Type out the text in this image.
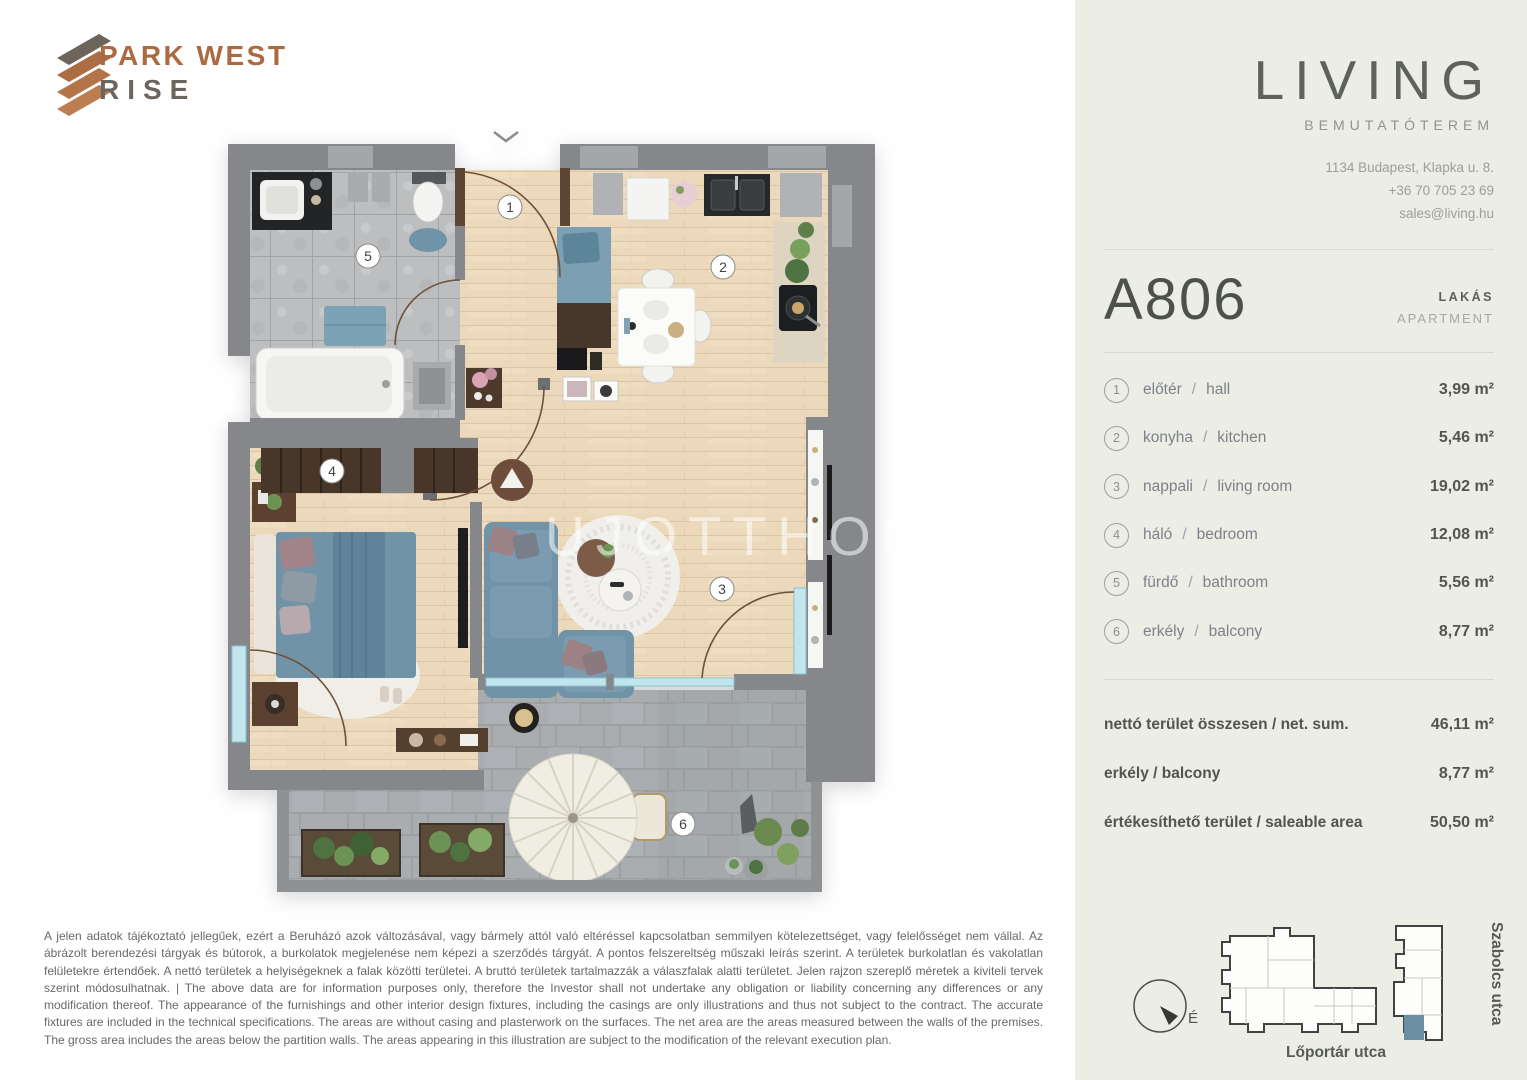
PARK WEST
RISE
1
2
3
4
5
6
UJOTTHON HU

A jelen adatok tájékoztató jellegűek, ezért a Beruházó azok változásával, vagy bármely attól való eltéréssel kapcsolatban semmilyen kötelezettséget, vagy felelősséget nem vállal. Az ábrázolt berendezési tárgyak és bútorok, a burkolatok megjelenése nem képezi a szerződés tárgyát. A pontos felszereltség műszaki leírás szerint. A területek burkolatlan és vakolatlan felületekre értendőek. A nettó területek a helyiségeknek a falak közötti területei. A bruttó területek tartalmazzák a válaszfalak alatti területet. Jelen rajzon szereplő méretek a kiviteli tervek szerint módosulhatnak. | The above data are for information purposes only, therefore the Investor shall not undertake any obligation or liability concerning any differences or any modification thereof. The appearance of the furnishings and other interior design fixtures, including the casings are only illustrations and thus not subject to the contract. The accurate fixtures are included in the technical specifications. The areas are without casing and plasterwork on the surfaces. The net area are the areas measured between the walls of the premises. The gross area includes the areas below the partition walls. The areas appearing in this illustration are subject to the modification of the relevant execution plan.

LIVING
BEMUTATÓTEREM
1134 Budapest, Klapka u. 8.
+36 70 705 23 69
sales@living.hu
A806	LAKÁS
APARTMENT
1	előtér / hall	3,99 m²
2	konyha / kitchen	5,46 m²
3	nappali / living room	19,02 m²
4	háló / bedroom	12,08 m²
5	fürdő / bathroom	5,56 m²
6	erkély / balcony	8,77 m²
nettó terület összesen / net. sum.	46,11 m²
erkély / balcony	8,77 m²
értékesíthető terület / saleable area	50,50 m²
É
Lőportár utca
Szabolcs utca
